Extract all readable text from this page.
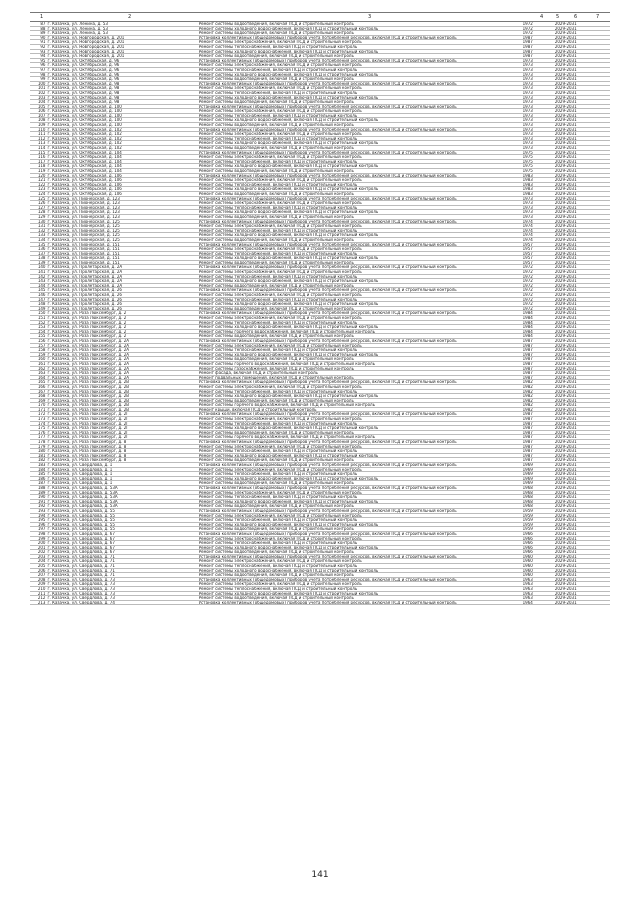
1	2	3	4	5	6	7
87	г. Казачка, ул. Ленина, д. 53		Ремонт системы водоотведения, включая ПСД и строительный контроль	1972	2029-2031	
88	г. Казачка, ул. Ленина, д. 53		Ремонт системы холодного водоснабжения, включая ПСД и строительный контроль	1972	2029-2031	
89	г. Казачка, ул. Ленина, д. 53		Ремонт системы водоотведения, включая ПСД и строительный контроль	1972	2029-2031	
90	г. Казачка, ул. Новгородская, д. 201		Установка коллективных (общедомовых) приборов учета потребления ресурсов, включая ПСД и строительный контроль	1987	2029-2031	
91	г. Казачка, ул. Новгородская, д. 201		Ремонт системы электроснабжения, включая ПСД и строительный контроль	1987	2029-2031	
92	г. Казачка, ул. Новгородская, д. 201		Ремонт системы теплоснабжения, включая ПСД и строительный контроль	1987	2029-2031	
93	г. Казачка, ул. Новгородская, д. 201		Ремонт системы холодного водоснабжения, включая ПСД и строительный контроль	1987	2029-2031	
94	г. Казачка, ул. Новгородская, д. 201		Ремонт системы водоотведения, включая ПСД и строительный контроль	1987	2029-2031	
95	г. Казачка, ул. Октябрьская, д. 96		Установка коллективных (общедомовых) приборов учета потребления ресурсов, включая ПСД и строительный контроль	1973	2029-2031	
96	г. Казачка, ул. Октябрьская, д. 96		Ремонт системы электроснабжения, включая ПСД и строительный контроль	1973	2029-2031	
97	г. Казачка, ул. Октябрьская, д. 96		Ремонт системы теплоснабжения, включая ПСД и строительный контроль	1973	2029-2031	
98	г. Казачка, ул. Октябрьская, д. 96		Ремонт системы холодного водоснабжения, включая ПСД и строительный контроль	1973	2029-2031	
99	г. Казачка, ул. Октябрьская, д. 96		Ремонт системы водоотведения, включая ПСД и строительный контроль	1973	2029-2031	
100	г. Казачка, ул. Октябрьская, д. 98		Установка коллективных (общедомовых) приборов учета потребления ресурсов, включая ПСД и строительный контроль	1973	2029-2031	
101	г. Казачка, ул. Октябрьская, д. 98		Ремонт системы электроснабжения, включая ПСД и строительный контроль	1973	2029-2031	
102	г. Казачка, ул. Октябрьская, д. 98		Ремонт системы теплоснабжения, включая ПСД и строительный контроль	1973	2029-2031	
103	г. Казачка, ул. Октябрьская, д. 98		Ремонт системы холодного водоснабжения, включая ПСД и строительный контроль	1973	2029-2031	
104	г. Казачка, ул. Октябрьская, д. 98		Ремонт системы водоотведения, включая ПСД и строительный контроль	1973	2029-2031	
105	г. Казачка, ул. Октябрьская, д. 100		Установка коллективных (общедомовых) приборов учета потребления ресурсов, включая ПСД и строительный контроль	1973	2029-2031	
106	г. Казачка, ул. Октябрьская, д. 100		Ремонт системы электроснабжения, включая ПСД и строительный контроль	1973	2029-2031	
107	г. Казачка, ул. Октябрьская, д. 100		Ремонт системы теплоснабжения, включая ПСД и строительный контроль	1973	2029-2031	
108	г. Казачка, ул. Октябрьская, д. 100		Ремонт системы холодного водоснабжения, включая ПСД и строительный контроль	1973	2029-2031	
109	г. Казачка, ул. Октябрьская, д. 100		Ремонт системы водоотведения, включая ПСД и строительный контроль	1973	2029-2031	
110	г. Казачка, ул. Октябрьская, д. 102		Установка коллективных (общедомовых) приборов учета потребления ресурсов, включая ПСД и строительный контроль	1973	2029-2031	
111	г. Казачка, ул. Октябрьская, д. 102		Ремонт системы электроснабжения, включая ПСД и строительный контроль	1973	2029-2031	
112	г. Казачка, ул. Октябрьская, д. 102		Ремонт системы теплоснабжения, включая ПСД и строительный контроль	1973	2029-2031	
113	г. Казачка, ул. Октябрьская, д. 102		Ремонт системы холодного водоснабжения, включая ПСД и строительный контроль	1973	2029-2031	
114	г. Казачка, ул. Октябрьская, д. 102		Ремонт системы водоотведения, включая ПСД и строительный контроль	1973	2029-2031	
115	г. Казачка, ул. Октябрьская, д. 104		Установка коллективных (общедомовых) приборов учета потребления ресурсов, включая ПСД и строительный контроль	1975	2029-2031	
116	г. Казачка, ул. Октябрьская, д. 104		Ремонт системы электроснабжения, включая ПСД и строительный контроль	1975	2029-2031	
117	г. Казачка, ул. Октябрьская, д. 104		Ремонт системы теплоснабжения, включая ПСД и строительный контроль	1975	2029-2031	
118	г. Казачка, ул. Октябрьская, д. 104		Ремонт системы холодного водоснабжения, включая ПСД и строительный контроль	1975	2029-2031	
119	г. Казачка, ул. Октябрьская, д. 104		Ремонт системы водоотведения, включая ПСД и строительный контроль	1975	2029-2031	
120	г. Казачка, ул. Октябрьская, д. 106		Установка коллективных (общедомовых) приборов учета потребления ресурсов, включая ПСД и строительный контроль	1983	2029-2031	
121	г. Казачка, ул. Октябрьская, д. 106		Ремонт системы электроснабжения, включая ПСД и строительный контроль	1983	2029-2031	
122	г. Казачка, ул. Октябрьская, д. 106		Ремонт системы теплоснабжения, включая ПСД и строительный контроль	1983	2029-2031	
123	г. Казачка, ул. Октябрьская, д. 106		Ремонт системы холодного водоснабжения, включая ПСД и строительный контроль	1983	2029-2031	
124	г. Казачка, ул. Октябрьская, д. 106		Ремонт системы водоотведения, включая ПСД и строительный контроль	1983	2029-2031	
125	г. Казачка, ул. Пионерская, д. 123		Установка коллективных (общедомовых) приборов учета потребления ресурсов, включая ПСД и строительный контроль	1973	2029-2031	
126	г. Казачка, ул. Пионерская, д. 123		Ремонт системы электроснабжения, включая ПСД и строительный контроль	1973	2029-2031	
127	г. Казачка, ул. Пионерская, д. 123		Ремонт системы теплоснабжения, включая ПСД и строительный контроль	1973	2029-2031	
128	г. Казачка, ул. Пионерская, д. 123		Ремонт системы холодного водоснабжения, включая ПСД и строительный контроль	1973	2029-2031	
129	г. Казачка, ул. Пионерская, д. 123		Ремонт системы водоотведения, включая ПСД и строительный контроль	1973	2029-2031	
130	г. Казачка, ул. Пионерская, д. 125		Установка коллективных (общедомовых) приборов учета потребления ресурсов, включая ПСД и строительный контроль	1974	2029-2031	
131	г. Казачка, ул. Пионерская, д. 125		Ремонт системы электроснабжения, включая ПСД и строительный контроль	1974	2029-2031	
132	г. Казачка, ул. Пионерская, д. 125		Ремонт системы теплоснабжения, включая ПСД и строительный контроль	1974	2029-2031	
133	г. Казачка, ул. Пионерская, д. 125		Ремонт системы холодного водоснабжения, включая ПСД и строительный контроль	1974	2029-2031	
134	г. Казачка, ул. Пионерская, д. 125		Ремонт системы водоотведения, включая ПСД и строительный контроль	1974	2029-2031	
135	г. Казачка, ул. Пионерская, д. 151		Установка коллективных (общедомовых) приборов учета потребления ресурсов, включая ПСД и строительный контроль	1957	2029-2031	
136	г. Казачка, ул. Пионерская, д. 151		Ремонт системы электроснабжения, включая ПСД и строительный контроль	1957	2029-2031	
137	г. Казачка, ул. Пионерская, д. 151		Ремонт системы теплоснабжения, включая ПСД и строительный контроль	1957	2029-2031	
138	г. Казачка, ул. Пионерская, д. 151		Ремонт системы холодного водоснабжения, включая ПСД и строительный контроль	1957	2029-2031	
139	г. Казачка, ул. Пионерская, д. 151		Ремонт системы водоотведения, включая ПСД и строительный контроль	1957	2029-2031	
140	г. Казачка, ул. Пролетарская, д. 2А		Установка коллективных (общедомовых) приборов учета потребления ресурсов, включая ПСД и строительный контроль	1972	2029-2031	
141	г. Казачка, ул. Пролетарская, д. 2А		Ремонт системы электроснабжения, включая ПСД и строительный контроль	1972	2029-2031	
142	г. Казачка, ул. Пролетарская, д. 2А		Ремонт системы теплоснабжения, включая ПСД и строительный контроль	1972	2029-2031	
143	г. Казачка, ул. Пролетарская, д. 2А		Ремонт системы холодного водоснабжения, включая ПСД и строительный контроль	1972	2029-2031	
144	г. Казачка, ул. Пролетарская, д. 2А		Ремонт системы водоотведения, включая ПСД и строительный контроль	1972	2029-2031	
145	г. Казачка, ул. Пролетарская, д. 26		Установка коллективных (общедомовых) приборов учета потребления ресурсов, включая ПСД и строительный контроль	1972	2029-2031	
146	г. Казачка, ул. Пролетарская, д. 26		Ремонт системы электроснабжения, включая ПСД и строительный контроль	1972	2029-2031	
147	г. Казачка, ул. Пролетарская, д. 26		Ремонт системы теплоснабжения, включая ПСД и строительный контроль	1972	2029-2031	
148	г. Казачка, ул. Пролетарская, д. 26		Ремонт системы холодного водоснабжения, включая ПСД и строительный контроль	1972	2029-2031	
149	г. Казачка, ул. Пролетарская, д. 26		Ремонт системы водоотведения, включая ПСД и строительный контроль	1972	2029-2031	
150	г. Казачка, ул. Роза Люксембург, д. 2		Установка коллективных (общедомовых) приборов учета потребления ресурсов, включая ПСД и строительный контроль	1984	2029-2031	
151	г. Казачка, ул. Роза Люксембург, д. 2		Ремонт системы электроснабжения, включая ПСД и строительный контроль	1984	2029-2031	
152	г. Казачка, ул. Роза Люксембург, д. 2		Ремонт системы теплоснабжения, включая ПСД и строительный контроль	1984	2029-2031	
153	г. Казачка, ул. Роза Люксембург, д. 2		Ремонт системы холодного водоснабжения, включая ПСД и строительный контроль	1984	2029-2031	
154	г. Казачка, ул. Роза Люксембург, д. 2		Ремонт системы горячего водоснабжения, включая ПСД и строительный контроль	1984	2029-2031	
155	г. Казачка, ул. Роза Люксембург, д. 2		Ремонт системы водоотведения, включая ПСД и строительный контроль	1984	2029-2031	
156	г. Казачка, ул. Роза Люксембург, д. 2А		Установка коллективных (общедомовых) приборов учета потребления ресурсов, включая ПСД и строительный контроль	1987	2029-2031	
157	г. Казачка, ул. Роза Люксембург, д. 2А		Ремонт системы электроснабжения, включая ПСД и строительный контроль	1987	2029-2031	
158	г. Казачка, ул. Роза Люксембург, д. 2А		Ремонт системы теплоснабжения, включая ПСД и строительный контроль	1987	2029-2031	
159	г. Казачка, ул. Роза Люксембург, д. 2А		Ремонт системы холодного водоснабжения, включая ПСД и строительный контроль	1987	2029-2031	
160	г. Казачка, ул. Роза Люксембург, д. 2А		Ремонт системы водоотведения, включая ПСД и строительный контроль	1987	2029-2031	
161	г. Казачка, ул. Роза Люксембург, д. 2А		Ремонт системы горячего водоснабжения, включая ПСД и строительный контроль	1987	2029-2031	
162	г. Казачка, ул. Роза Люксембург, д. 2А		Ремонт системы газоснабжения, включая ПСД и строительный контроль	1987	2029-2031	
163	г. Казачка, ул. Роза Люксембург, д. 2А		Ремонт фасада, включая ПСД и строительный контроль	1987	2029-2031	
164	г. Казачка, ул. Роза Люксембург, д. 2А		Ремонт подвальных помещений, включая ПСД и строительный контроль	1987	2029-2031	
165	г. Казачка, ул. Роза Люксембург, д. 2В		Установка коллективных (общедомовых) приборов учета потребления ресурсов, включая ПСД и строительный контроль	1982	2029-2031	
166	г. Казачка, ул. Роза Люксембург, д. 2В		Ремонт системы электроснабжения, включая ПСД и строительный контроль	1982	2029-2031	
167	г. Казачка, ул. Роза Люксембург, д. 2В		Ремонт системы теплоснабжения, включая ПСД и строительный контроль	1982	2029-2031	
168	г. Казачка, ул. Роза Люксембург, д. 2В		Ремонт системы холодного водоснабжения, включая ПСД и строительный контроль	1982	2029-2031	
169	г. Казачка, ул. Роза Люксембург, д. 2В		Ремонт системы водоотведения, включая ПСД и строительный контроль	1982	2029-2031	
170	г. Казачка, ул. Роза Люксембург, д. 2В		Ремонт системы горячего водоснабжения, включая ПСД и строительный контроль	1982	2029-2031	
171	г. Казачка, ул. Роза Люксембург, д. 2В		Ремонт крыши, включая ПСД и строительный контроль	1982	2029-2031	
172	г. Казачка, ул. Роза Люксембург, д. 2Г		Установка коллективных (общедомовых) приборов учета потребления ресурсов, включая ПСД и строительный контроль	1987	2029-2031	
173	г. Казачка, ул. Роза Люксембург, д. 2Г		Ремонт системы электроснабжения, включая ПСД и строительный контроль	1987	2029-2031	
174	г. Казачка, ул. Роза Люксембург, д. 2Г		Ремонт системы теплоснабжения, включая ПСД и строительный контроль	1987	2029-2031	
175	г. Казачка, ул. Роза Люксембург, д. 2Г		Ремонт системы холодного водоснабжения, включая ПСД и строительный контроль	1987	2029-2031	
176	г. Казачка, ул. Роза Люксембург, д. 2Г		Ремонт системы водоотведения, включая ПСД и строительный контроль	1987	2029-2031	
177	г. Казачка, ул. Роза Люксембург, д. 2Г		Ремонт системы горячего водоснабжения, включая ПСД и строительный контроль	1987	2029-2031	
178	г. Казачка, ул. Роза Люксембург, д. 8		Установка коллективных (общедомовых) приборов учета потребления ресурсов, включая ПСД и строительный контроль	1987	2029-2031	
179	г. Казачка, ул. Роза Люксембург, д. 8		Ремонт системы электроснабжения, включая ПСД и строительный контроль	1987	2029-2031	
180	г. Казачка, ул. Роза Люксембург, д. 8		Ремонт системы теплоснабжения, включая ПСД и строительный контроль	1987	2029-2031	
181	г. Казачка, ул. Роза Люксембург, д. 8		Ремонт системы холодного водоснабжения, включая ПСД и строительный контроль	1987	2029-2031	
182	г. Казачка, ул. Роза Люксембург, д. 8		Ремонт системы водоотведения, включая ПСД и строительный контроль	1987	2029-2031	
183	г. Казачка, ул. Свердлова, д. 1		Установка коллективных (общедомовых) приборов учета потребления ресурсов, включая ПСД и строительный контроль	1969	2029-2031	
184	г. Казачка, ул. Свердлова, д. 1		Ремонт системы электроснабжения, включая ПСД и строительный контроль	1969	2029-2031	
185	г. Казачка, ул. Свердлова, д. 1		Ремонт системы теплоснабжения, включая ПСД и строительный контроль	1969	2029-2031	
186	г. Казачка, ул. Свердлова, д. 1		Ремонт системы холодного водоснабжения, включая ПСД и строительный контроль	1969	2029-2031	
187	г. Казачка, ул. Свердлова, д. 1		Ремонт системы водоотведения, включая ПСД и строительный контроль	1969	2029-2031	
188	г. Казачка, ул. Свердлова, д. 53А		Установка коллективных (общедомовых) приборов учета потребления ресурсов, включая ПСД и строительный контроль	1968	2029-2031	
189	г. Казачка, ул. Свердлова, д. 53А		Ремонт системы электроснабжения, включая ПСД и строительный контроль	1968	2029-2031	
190	г. Казачка, ул. Свердлова, д. 53А		Ремонт системы теплоснабжения, включая ПСД и строительный контроль	1968	2029-2031	
191	г. Казачка, ул. Свердлова, д. 53А		Ремонт системы холодного водоснабжения, включая ПСД и строительный контроль	1968	2029-2031	
192	г. Казачка, ул. Свердлова, д. 53А		Ремонт системы водоотведения, включая ПСД и строительный контроль	1968	2029-2031	
193	г. Казачка, ул. Свердлова, д. 55		Установка коллективных (общедомовых) приборов учета потребления ресурсов, включая ПСД и строительный контроль	1959	2029-2031	
194	г. Казачка, ул. Свердлова, д. 55		Ремонт системы электроснабжения, включая ПСД и строительный контроль	1959	2029-2031	
195	г. Казачка, ул. Свердлова, д. 55		Ремонт системы теплоснабжения, включая ПСД и строительный контроль	1959	2029-2031	
196	г. Казачка, ул. Свердлова, д. 55		Ремонт системы холодного водоснабжения, включая ПСД и строительный контроль	1959	2029-2031	
197	г. Казачка, ул. Свердлова, д. 55		Ремонт системы водоотведения, включая ПСД и строительный контроль	1959	2029-2031	
198	г. Казачка, ул. Свердлова, д. 67		Установка коллективных (общедомовых) приборов учета потребления ресурсов, включая ПСД и строительный контроль	1966	2029-2031	
199	г. Казачка, ул. Свердлова, д. 67		Ремонт системы электроснабжения, включая ПСД и строительный контроль	1966	2029-2031	
200	г. Казачка, ул. Свердлова, д. 67		Ремонт системы теплоснабжения, включая ПСД и строительный контроль	1966	2029-2031	
201	г. Казачка, ул. Свердлова, д. 67		Ремонт системы холодного водоснабжения, включая ПСД и строительный контроль	1966	2029-2031	
202	г. Казачка, ул. Свердлова, д. 67		Ремонт системы водоотведения, включая ПСД и строительный контроль	1966	2029-2031	
203	г. Казачка, ул. Свердлова, д. 71		Установка коллективных (общедомовых) приборов учета потребления ресурсов, включая ПСД и строительный контроль	1960	2029-2031	
204	г. Казачка, ул. Свердлова, д. 71		Ремонт системы электроснабжения, включая ПСД и строительный контроль	1960	2029-2031	
205	г. Казачка, ул. Свердлова, д. 71		Ремонт системы теплоснабжения, включая ПСД и строительный контроль	1960	2029-2031	
206	г. Казачка, ул. Свердлова, д. 71		Ремонт системы холодного водоснабжения, включая ПСД и строительный контроль	1960	2029-2031	
207	г. Казачка, ул. Свердлова, д. 71		Ремонт системы водоотведения, включая ПСД и строительный контроль	1960	2029-2031	
208	г. Казачка, ул. Свердлова, д. 73		Установка коллективных (общедомовых) приборов учета потребления ресурсов, включая ПСД и строительный контроль	1963	2029-2031	
209	г. Казачка, ул. Свердлова, д. 73		Ремонт системы электроснабжения, включая ПСД и строительный контроль	1963	2029-2031	
210	г. Казачка, ул. Свердлова, д. 73		Ремонт системы теплоснабжения, включая ПСД и строительный контроль	1963	2029-2031	
211	г. Казачка, ул. Свердлова, д. 73		Ремонт системы холодного водоснабжения, включая ПСД и строительный контроль	1963	2029-2031	
212	г. Казачка, ул. Свердлова, д. 73		Ремонт системы водоотведения, включая ПСД и строительный контроль	1963	2029-2031	
213	г. Казачка, ул. Свердлова, д. 74		Установка коллективных (общедомовых) приборов учета потребления ресурсов, включая ПСД и строительный контроль	1964	2029-2031	
141
